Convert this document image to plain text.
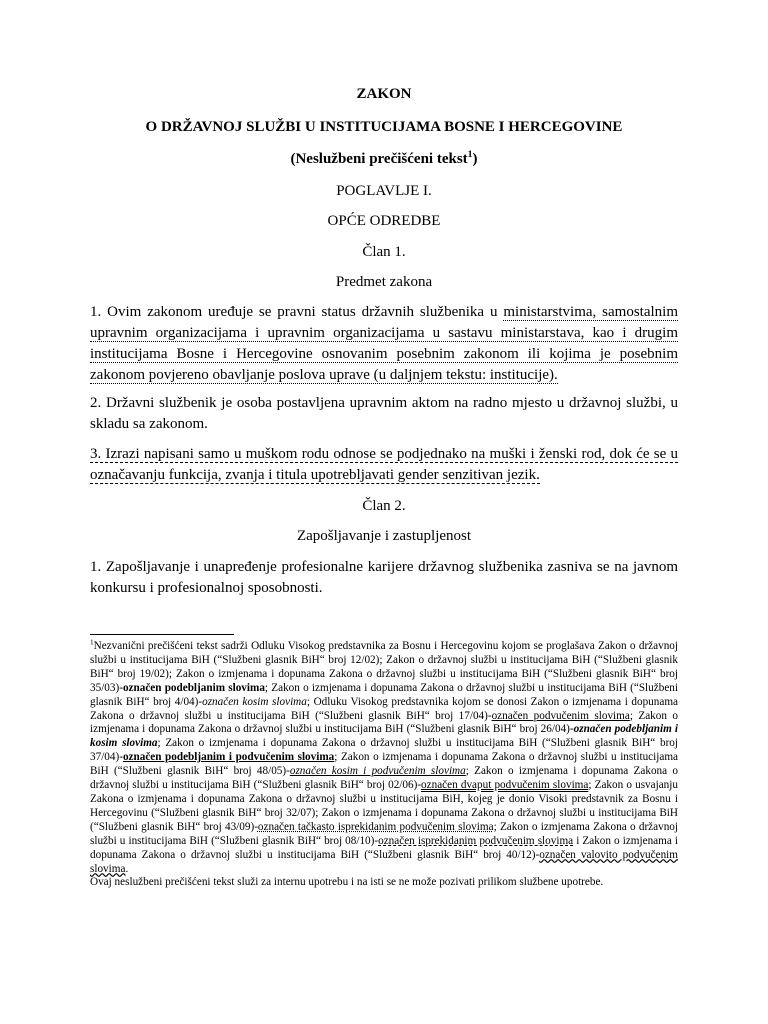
ZAKON
O DRŽAVNOJ SLUŽBI U INSTITUCIJAMA BOSNE I HERCEGOVINE
(Neslužbeni prečišćeni tekst$^1$)
POGLAVLJE I.
OPĆE ODREDBE
Član 1.
Predmet zakona
1. Ovim zakonom uređuje se pravni status državnih službenika u ministarstvima, samostalnim upravnim organizacijama i upravnim organizacijama u sastavu ministarstava, kao i drugim institucijama Bosne i Hercegovine osnovanim posebnim zakonom ili kojima je posebnim zakonom povjereno obavljanje poslova uprave (u daljnjem tekstu: institucije).
2. Državni službenik je osoba postavljena upravnim aktom na radno mjesto u državnoj službi, u skladu sa zakonom.
3. Izrazi napisani samo u muškom rodu odnose se podjednako na muški i ženski rod, dok će se u označavanju funkcija, zvanja i titula upotrebljavati gender senzitivan jezik.
Član 2.
Zapošljavanje i zastupljenost
1. Zapošljavanje i unapređenje profesionalne karijere državnog službenika zasniva se na javnom konkursu i profesionalnoj sposobnosti.
$^1$Nezvanični prečišćeni tekst sadrži Odluku Visokog predstavnika za Bosnu i Hercegovinu kojom se proglašava Zakon o državnoj službi u institucijama BiH (“Službeni glasnik BiH“ broj 12/02); Zakon o državnoj službi u institucijama BiH (“Službeni glasnik BiH“ broj 19/02); Zakon o izmjenama i dopunama Zakona o državnoj službi u institucijama BiH (“Službeni glasnik BiH“ broj 35/03)-označen podebljanim slovima; Zakon o izmjenama i dopunama Zakona o državnoj službi u institucijama BiH (“Službeni glasnik BiH“ broj 4/04)-označen kosim slovima; Odluku Visokog predstavnika kojom se donosi Zakon o izmjenama i dopunama Zakona o državnoj službi u institucijama BiH (“Službeni glasnik BiH“ broj 17/04)-označen podvučenim slovima; Zakon o izmjenama i dopunama Zakona o državnoj službi u institucijama BiH (“Službeni glasnik BiH“ broj 26/04)-označen podebljanim i kosim slovima; Zakon o izmjenama i dopunama Zakona o državnoj službi u institucijama BiH (“Službeni glasnik BiH“ broj 37/04)-označen podebljanim i podvučenim slovima; Zakon o izmjenama i dopunama Zakona o državnoj službi u institucijama BiH (“Službeni glasnik BiH“ broj 48/05)-označen kosim i podvučenim slovima; Zakon o izmjenama i dopunama Zakona o državnoj službi u institucijama BiH (“Službeni glasnik BiH“ broj 02/06)-označen dvaput podvučenim slovima; Zakon o usvajanju Zakona o izmjenama i dopunama Zakona o državnoj službi u institucijama BiH, kojeg je donio Visoki predstavnik za Bosnu i Hercegovinu (“Službeni glasnik BiH“ broj 32/07); Zakon o izmjenama i dopunama Zakona o državnoj službi u institucijama BiH (“Službeni glasnik BiH“ broj 43/09)-označen tačkasto isprekidanim podvučenim slovima; Zakon o izmjenama Zakona o državnoj službi u institucijama BiH (“Službeni glasnik BiH“ broj 08/10)-označen isprekidanim podvučenim slovima i Zakon o izmjenama i dopunama Zakona o državnoj službi u institucijama BiH (“Službeni glasnik BiH“ broj 40/12)-označen valovito podvučenim slovima.
Ovaj neslužbeni prečišćeni tekst služi za internu upotrebu i na isti se ne može pozivati prilikom službene upotrebe.
